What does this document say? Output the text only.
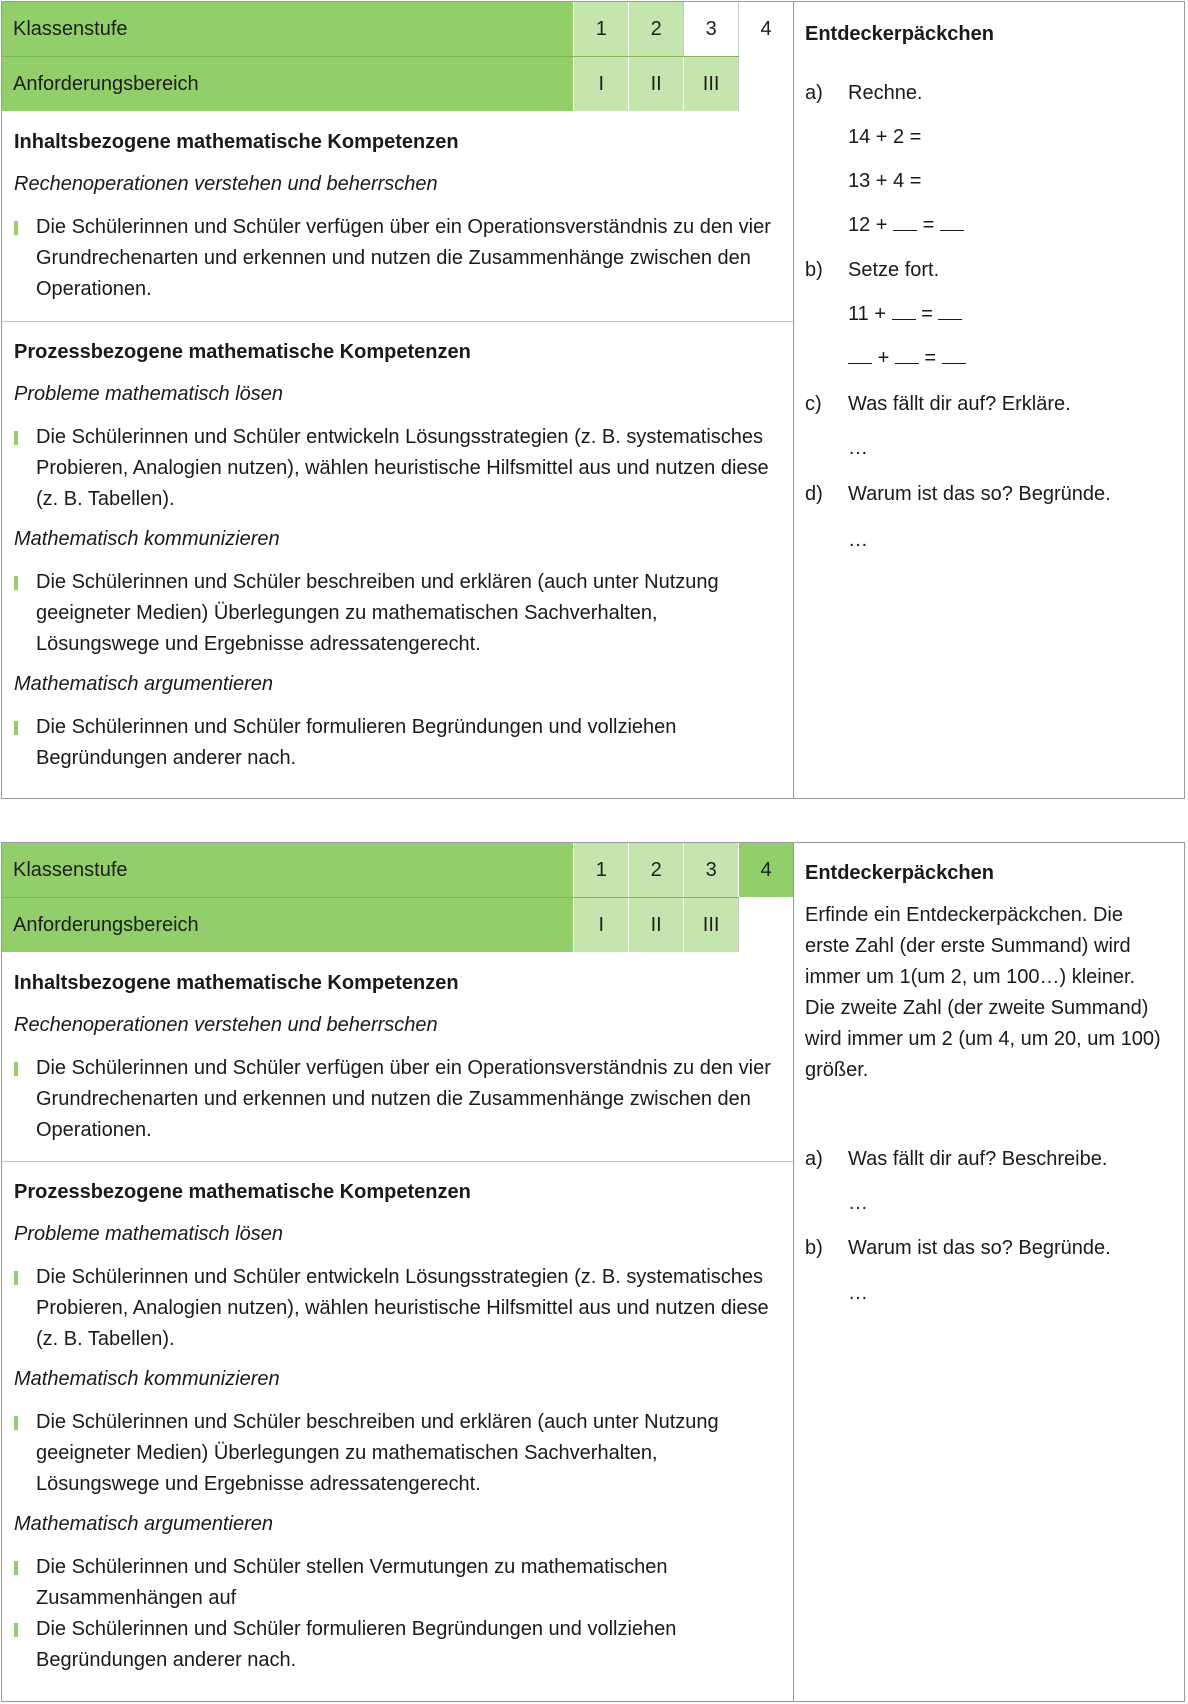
Klassenstufe	1	2	3	4
Anforderungsbereich	I	II	III

Inhaltsbezogene mathematische Kompetenzen

Rechenoperationen verstehen und beherrschen

Die Schülerinnen und Schüler verfügen über ein Operationsverständnis zu den vier Grundrechenarten und erkennen und nutzen die Zusammenhänge zwischen den Operationen.

Prozessbezogene mathematische Kompetenzen

Probleme mathematisch lösen

Die Schülerinnen und Schüler entwickeln Lösungsstrategien (z. B. systematisches Probieren, Analogien nutzen), wählen heuristische Hilfsmittel aus und nutzen diese (z. B. Tabellen).

Mathematisch kommunizieren

Die Schülerinnen und Schüler beschreiben und erklären (auch unter Nutzung geeigneter Medien) Überlegungen zu mathematischen Sachverhalten, Lösungswege und Ergebnisse adressatengerecht.

Mathematisch argumentieren

Die Schülerinnen und Schüler formulieren Begründungen und vollziehen Begründungen anderer nach.

Entdeckerpäckchen
a) Rechne.
14 + 2 =
13 + 4 =
12 + =
b) Setze fort.
11 + =
+ =
c) Was fällt dir auf? Erkläre.
…
d) Warum ist das so? Begründe.
…
Klassenstufe	1	2	3	4
Anforderungsbereich	I	II	III

Inhaltsbezogene mathematische Kompetenzen

Rechenoperationen verstehen und beherrschen

Die Schülerinnen und Schüler verfügen über ein Operationsverständnis zu den vier Grundrechenarten und erkennen und nutzen die Zusammenhänge zwischen den Operationen.

Prozessbezogene mathematische Kompetenzen

Probleme mathematisch lösen

Die Schülerinnen und Schüler entwickeln Lösungsstrategien (z. B. systematisches Probieren, Analogien nutzen), wählen heuristische Hilfsmittel aus und nutzen diese (z. B. Tabellen).

Mathematisch kommunizieren

Die Schülerinnen und Schüler beschreiben und erklären (auch unter Nutzung geeigneter Medien) Überlegungen zu mathematischen Sachverhalten, Lösungswege und Ergebnisse adressatengerecht.

Mathematisch argumentieren

Die Schülerinnen und Schüler stellen Vermutungen zu mathematischen Zusammenhängen auf

Die Schülerinnen und Schüler formulieren Begründungen und vollziehen Begründungen anderer nach.

Entdeckerpäckchen
Erfinde ein Entdeckerpäckchen. Die erste Zahl (der erste Summand) wird immer um 1(um 2, um 100…) kleiner. Die zweite Zahl (der zweite Summand) wird immer um 2 (um 4, um 20, um 100) größer.
a) Was fällt dir auf? Beschreibe.
…
b) Warum ist das so? Begründe.
…
